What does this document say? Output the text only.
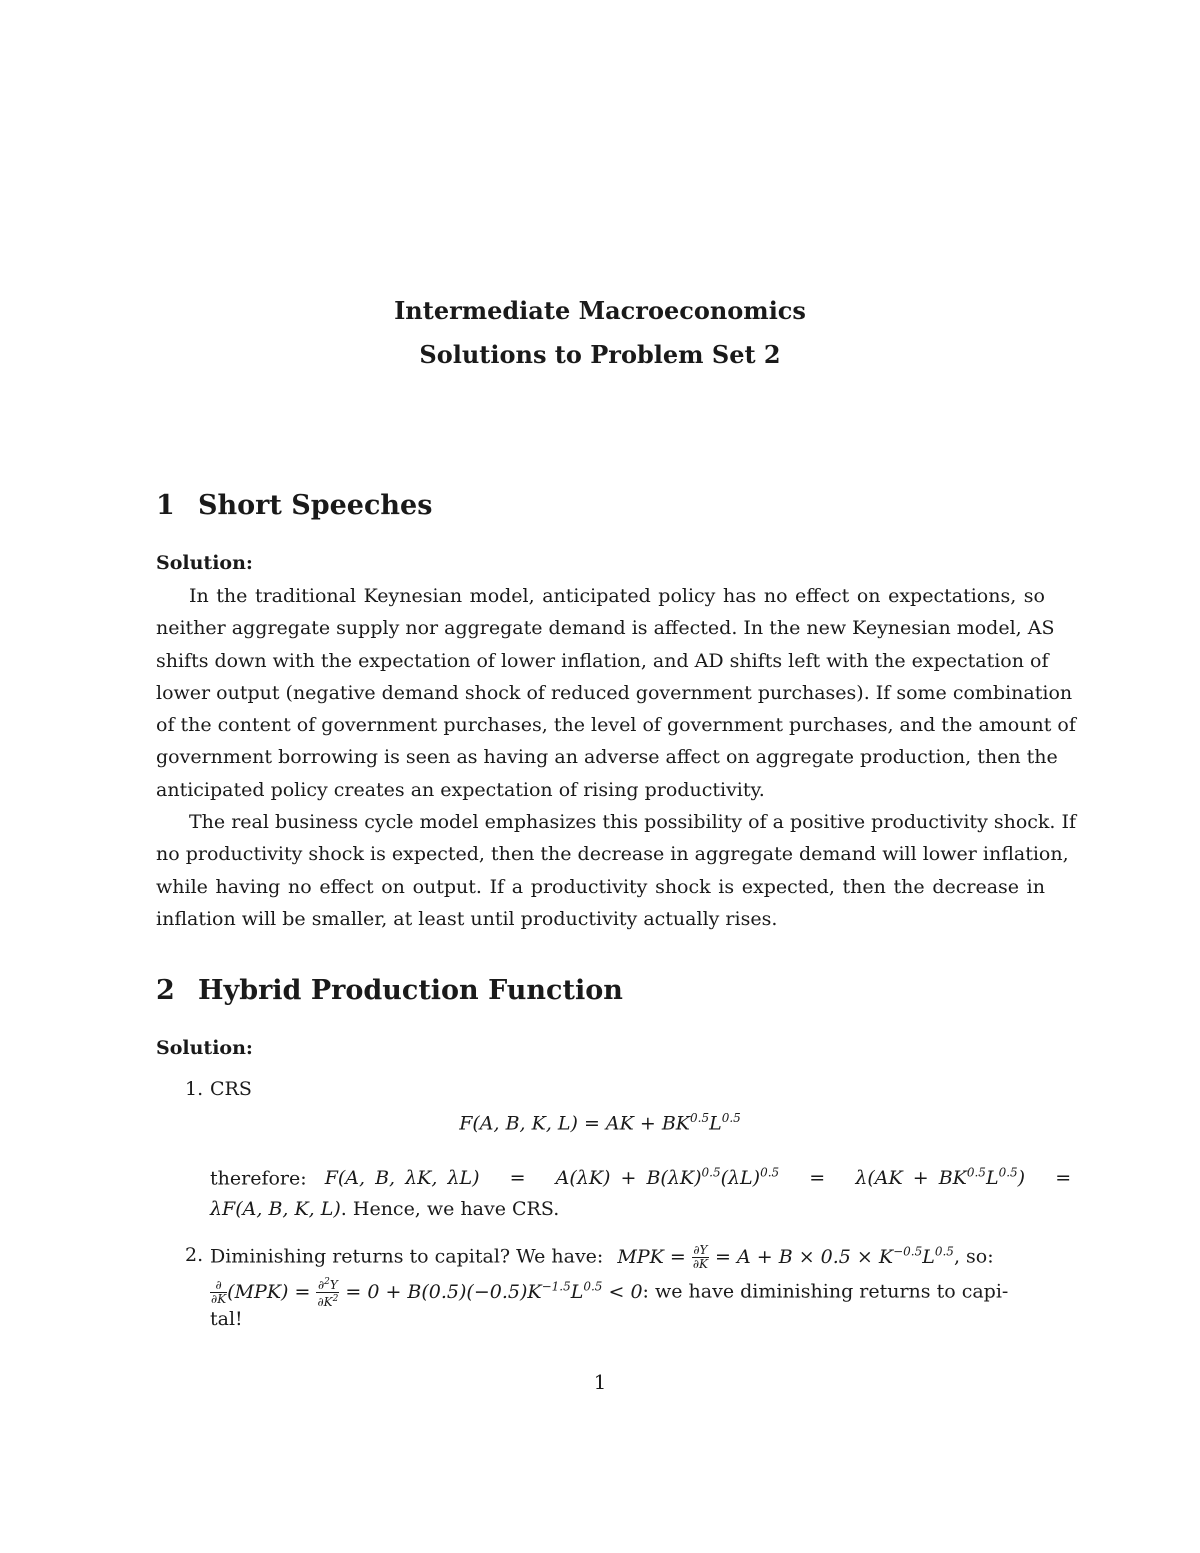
Intermediate Macroeconomics
Solutions to Problem Set 2
1 Short Speeches
Solution:
In the traditional Keynesian model, anticipated policy has no effect on expectations, so
neither aggregate supply nor aggregate demand is affected. In the new Keynesian model, AS
shifts down with the expectation of lower inflation, and AD shifts left with the expectation of
lower output (negative demand shock of reduced government purchases). If some combination
of the content of government purchases, the level of government purchases, and the amount of
government borrowing is seen as having an adverse affect on aggregate production, then the
anticipated policy creates an expectation of rising productivity.
The real business cycle model emphasizes this possibility of a positive productivity shock. If
no productivity shock is expected, then the decrease in aggregate demand will lower inflation,
while having no effect on output. If a productivity shock is expected, then the decrease in
inflation will be smaller, at least until productivity actually rises.
2 Hybrid Production Function
Solution:
1. CRS
F(A, B, K, L) = AK + $BK^{0.5}L^{0.5}$
therefore: F(A, B, λK, $\lambda L) = A(\lambda K) + B(\lambda K)^{0.5}(\lambda L)^{0.5} = \lambda(AK + BK^{0.5}L^{0.5})$   =
λF(A, B, K, L). Hence, we have CRS.
2. Diminishing returns to capital? We have: MPK = $\frac{\partial Y}{\partial K} = A + B \times 0.5 \times K^{-0.5}L^{0.5}$, so:
$\frac{\partial}{\partial K} (MPK) = \frac{\partial^2Y}{\partial K^2} = 0 + B(0.5)(-0.5)K^{-1.5}L^{0.5} < 0$: we have diminishing returns to capi-
tal!
1
